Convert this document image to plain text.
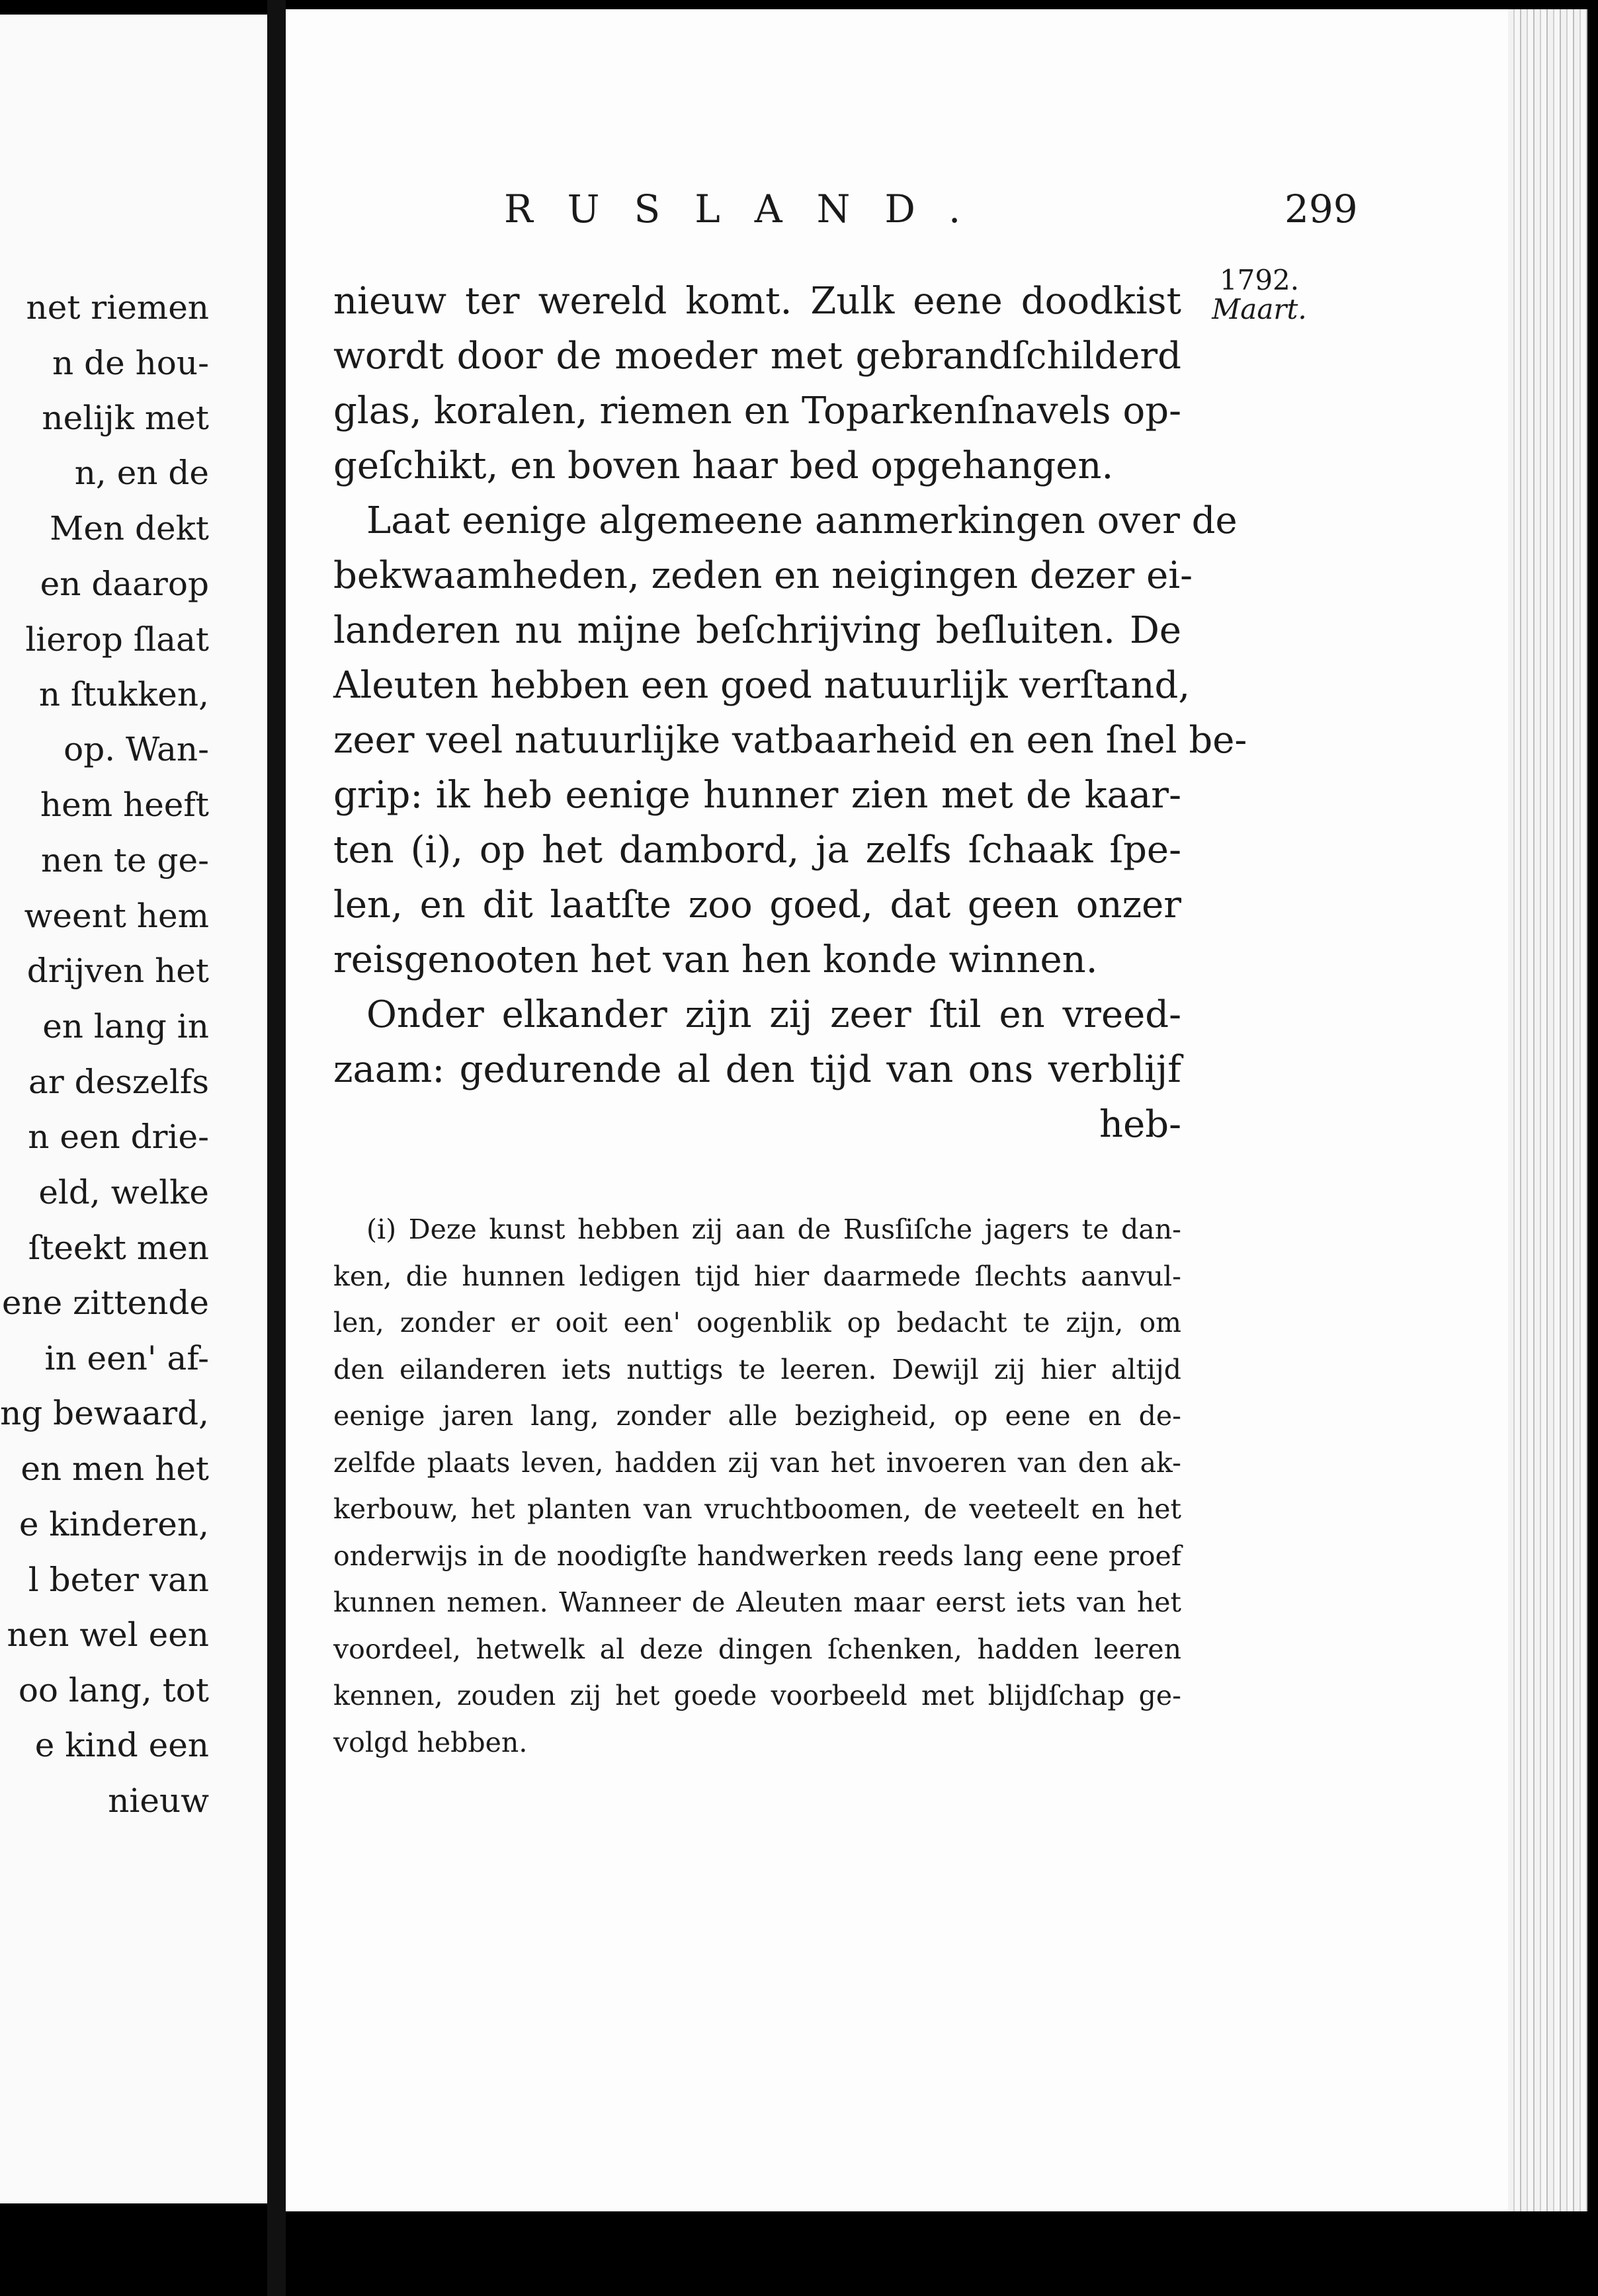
net riemen
n de hou-
nelijk met
n, en de
Men dekt
en daarop
lierop ſlaat
n ſtukken,
op. Wan-
hem heeft
nen te ge-
weent hem
drijven het
en lang in
ar deszelfs
n een drie-
eld, welke
ſteekt men
ene zittende
in een' af-
ng bewaard,
en men het
e kinderen,
l beter van
nen wel een
oo lang, tot
e kind een
nieuw
RUSLAND.	299
1792.
Maart.
nieuw ter wereld komt. Zulk eene doodkist
wordt door de moeder met gebrandſchilderd
glas, koralen, riemen en Toparkenſnavels op-
geſchikt, en boven haar bed opgehangen.
Laat eenige algemeene aanmerkingen over de
bekwaamheden, zeden en neigingen dezer ei-
landeren nu mijne beſchrijving beſluiten. De
Aleuten hebben een goed natuurlijk verſtand,
zeer veel natuurlijke vatbaarheid en een ſnel be-
grip: ik heb eenige hunner zien met de kaar-
ten (i), op het dambord, ja zelfs ſchaak ſpe-
len, en dit laatſte zoo goed, dat geen onzer
reisgenooten het van hen konde winnen.
Onder elkander zijn zij zeer ſtil en vreed-
zaam: gedurende al den tijd van ons verblijf
heb-
(i) Deze kunst hebben zij aan de Rusſiſche jagers te dan-
ken, die hunnen ledigen tijd hier daarmede ſlechts aanvul-
len, zonder er ooit een' oogenblik op bedacht te zijn, om
den eilanderen iets nuttigs te leeren. Dewijl zij hier altijd
eenige jaren lang, zonder alle bezigheid, op eene en de-
zelfde plaats leven, hadden zij van het invoeren van den ak-
kerbouw, het planten van vruchtboomen, de veeteelt en het
onderwijs in de noodigſte handwerken reeds lang eene proef
kunnen nemen. Wanneer de Aleuten maar eerst iets van het
voordeel, hetwelk al deze dingen ſchenken, hadden leeren
kennen, zouden zij het goede voorbeeld met blijdſchap ge-
volgd hebben.
